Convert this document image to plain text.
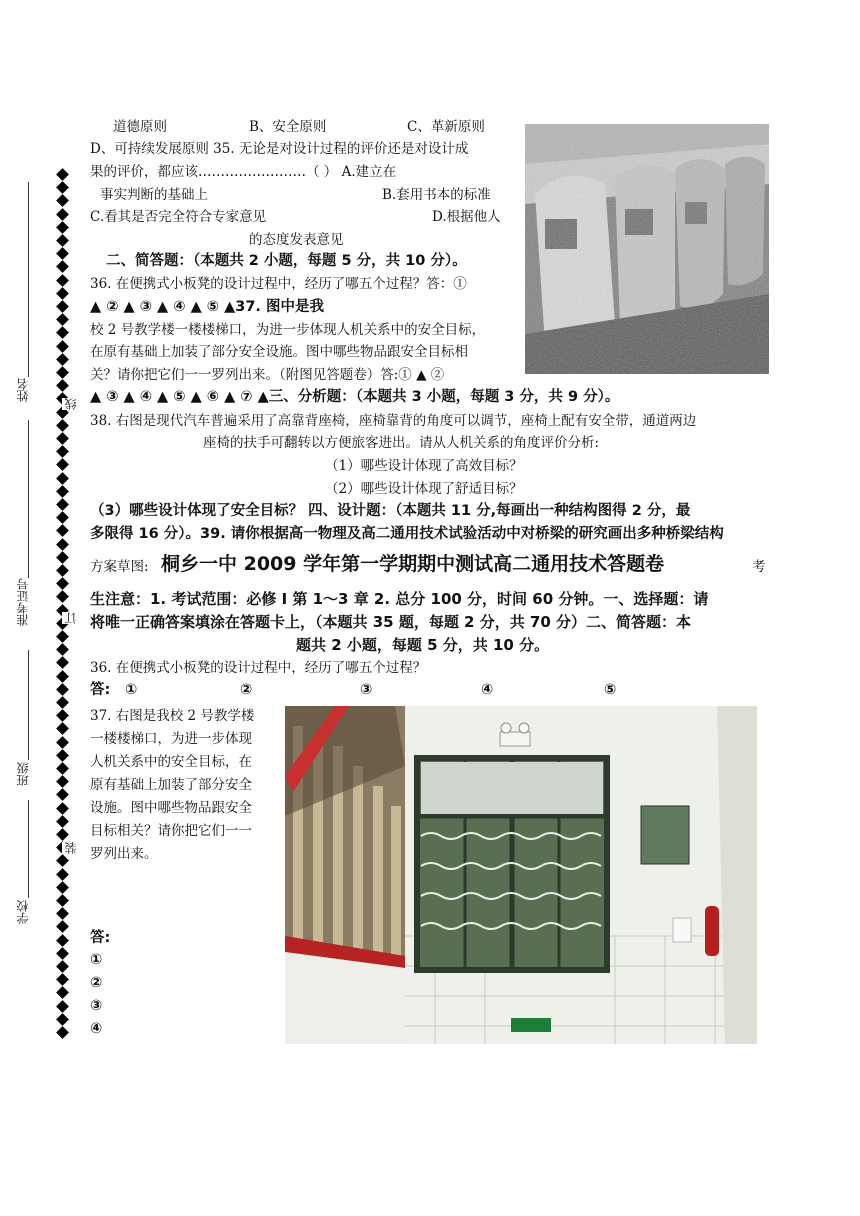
姓名
准考证号
班级
学校
线
订
装
道德原则	B、安全原则	C、革新原则
D、可持续发展原则 35. 无论是对设计过程的评价还是对设计成
果的评价，都应该……………………（ ） A.建立在
事实判断的基础上	B.套用书本的标准
C.看其是否完全符合专家意见	D.根据他人
的态度发表意见
二、简答题：（本题共 2 小题，每题 5 分，共 10 分）。
36. 在便携式小板凳的设计过程中，经历了哪五个过程？答：①
▲ ② ▲ ③ ▲ ④ ▲ ⑤ ▲37. 图中是我
校 2 号教学楼一楼楼梯口，为进一步体现人机关系中的安全目标，
在原有基础上加装了部分安全设施。图中哪些物品跟安全目标相
关？请你把它们一一罗列出来。（附图见答题卷）答:① ▲ ②
▲ ③ ▲ ④ ▲ ⑤ ▲ ⑥ ▲ ⑦ ▲三、分析题：（本题共 3 小题，每题 3 分，共 9 分）。
38. 右图是现代汽车普遍采用了高靠背座椅，座椅靠背的角度可以调节，座椅上配有安全带，通道两边
座椅的扶手可翻转以方便旅客进出。请从人机关系的角度评价分析:
（1）哪些设计体现了高效目标？
（2）哪些设计体现了舒适目标？
（3）哪些设计体现了安全目标？ 四、设计题：（本题共 11 分,每画出一种结构图得 2 分，最
多限得 16 分）。39. 请你根据高一物理及高二通用技术试验活动中对桥梁的研究画出多种桥梁结构
方案草图: 桐乡一中 2009 学年第一学期期中测试高二通用技术答题卷	考
生注意：1. 考试范围：必修 I 第 1～3 章 2. 总分 100 分，时间 60 分钟。一、选择题：请
将唯一正确答案填涂在答题卡上，（本题共 35 题，每题 2 分，共 70 分）二、简答题：本
题共 2 小题，每题 5 分，共 10 分。
36. 在便携式小板凳的设计过程中，经历了哪五个过程？
答: ①	②	③	④	⑤
37. 右图是我校 2 号教学楼
一楼楼梯口，为进一步体现
人机关系中的安全目标，在
原有基础上加装了部分安全
设施。图中哪些物品跟安全
目标相关？请你把它们一一
罗列出来。
答:
①
②
③
④
